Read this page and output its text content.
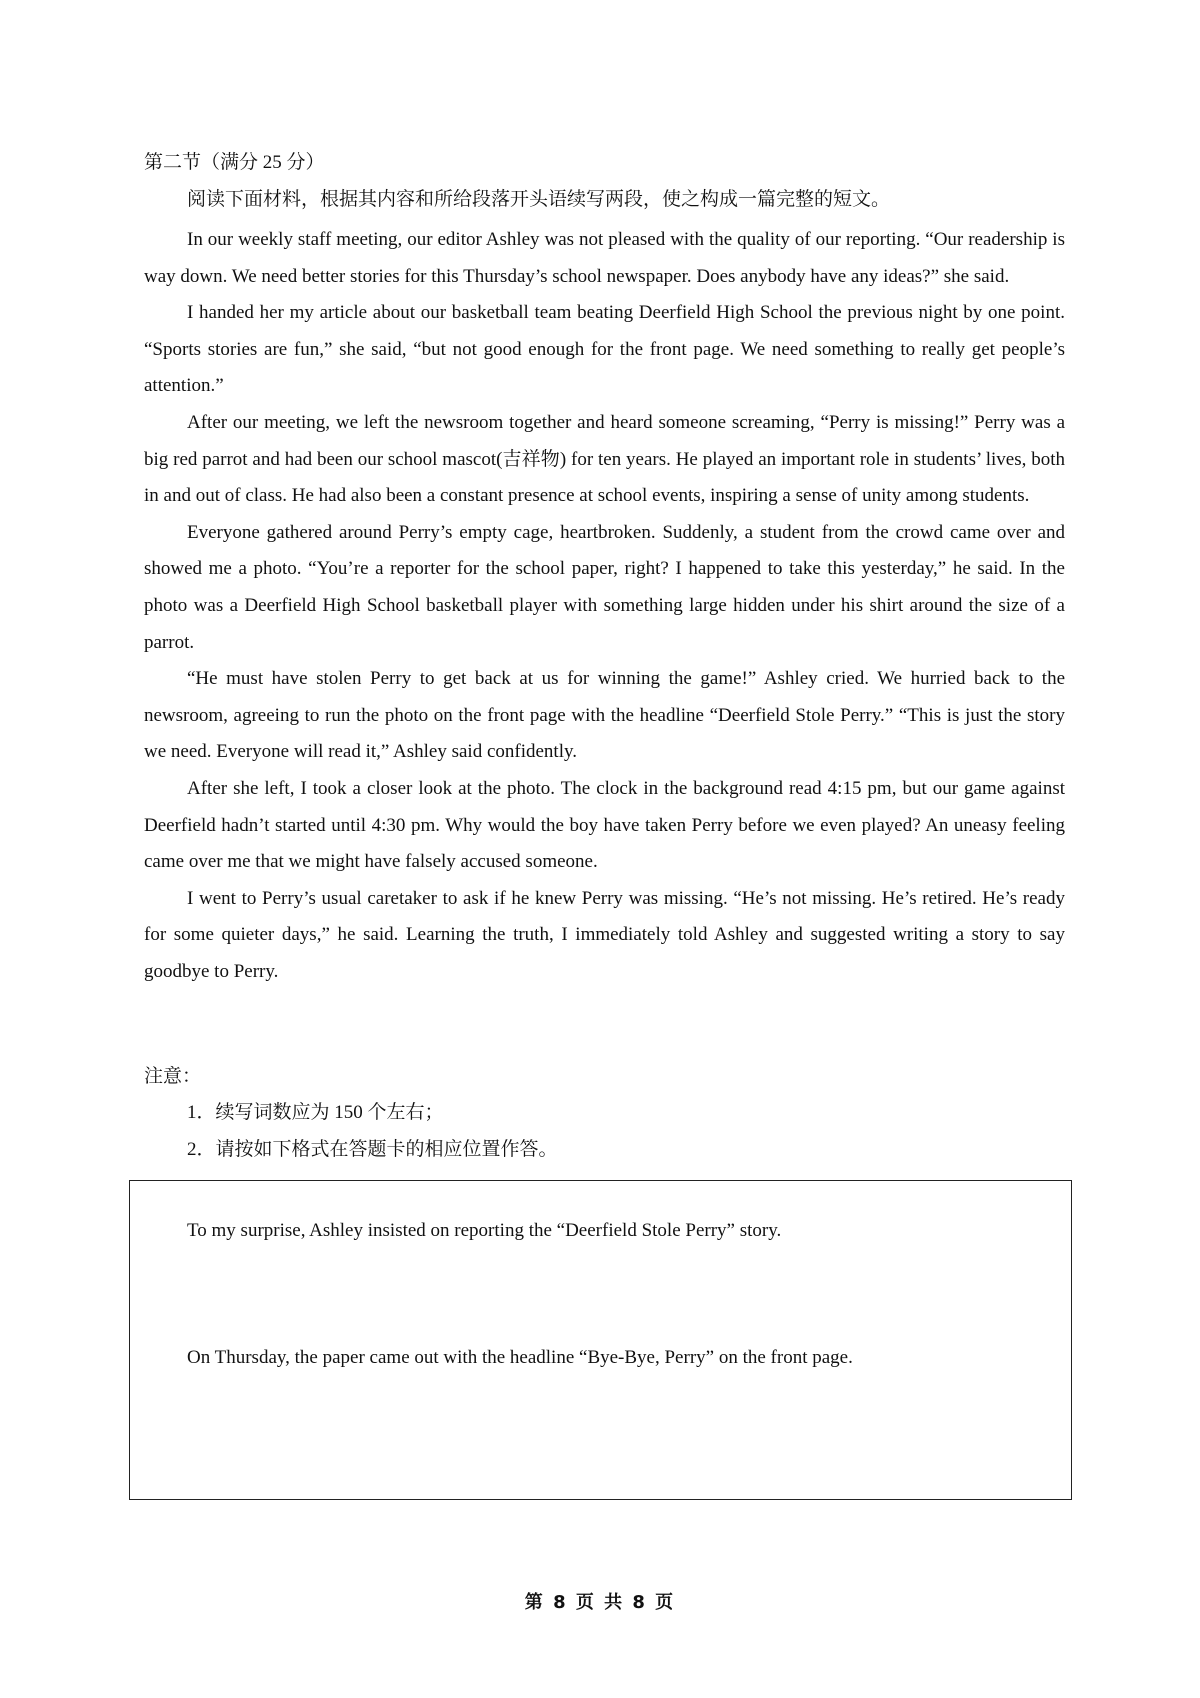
第二节（满分 25 分）

阅读下面材料，根据其内容和所给段落开头语续写两段，使之构成一篇完整的短文。

In our weekly staff meeting, our editor Ashley was not pleased with the quality of our reporting. “Our readership is way down. We need better stories for this Thursday’s school newspaper. Does anybody have any ideas?” she said.

I handed her my article about our basketball team beating Deerfield High School the previous night by one point. “Sports stories are fun,” she said, “but not good enough for the front page. We need something to really get people’s attention.”

After our meeting, we left the newsroom together and heard someone screaming, “Perry is missing!” Perry was a big red parrot and had been our school mascot(吉祥物) for ten years. He played an important role in students’ lives, both in and out of class. He had also been a constant presence at school events, inspiring a sense of unity among students.

Everyone gathered around Perry’s empty cage, heartbroken. Suddenly, a student from the crowd came over and showed me a photo. “You’re a reporter for the school paper, right? I happened to take this yesterday,” he said. In the photo was a Deerfield High School basketball player with something large hidden under his shirt around the size of a parrot.

“He must have stolen Perry to get back at us for winning the game!” Ashley cried. We hurried back to the newsroom, agreeing to run the photo on the front page with the headline “Deerfield Stole Perry.” “This is just the story we need. Everyone will read it,” Ashley said confidently.

After she left, I took a closer look at the photo. The clock in the background read 4:15 pm, but our game against Deerfield hadn’t started until 4:30 pm. Why would the boy have taken Perry before we even played? An uneasy feeling came over me that we might have falsely accused someone.

I went to Perry’s usual caretaker to ask if he knew Perry was missing. “He’s not missing. He’s retired. He’s ready for some quieter days,” he said. Learning the truth, I immediately told Ashley and suggested writing a story to say goodbye to Perry.

注意：

1．续写词数应为 150 个左右；

2．请按如下格式在答题卡的相应位置作答。

To my surprise, Ashley insisted on reporting the “Deerfield Stole Perry” story.

On Thursday, the paper came out with the headline “Bye-Bye, Perry” on the front page.

第 8 页 共 8 页
